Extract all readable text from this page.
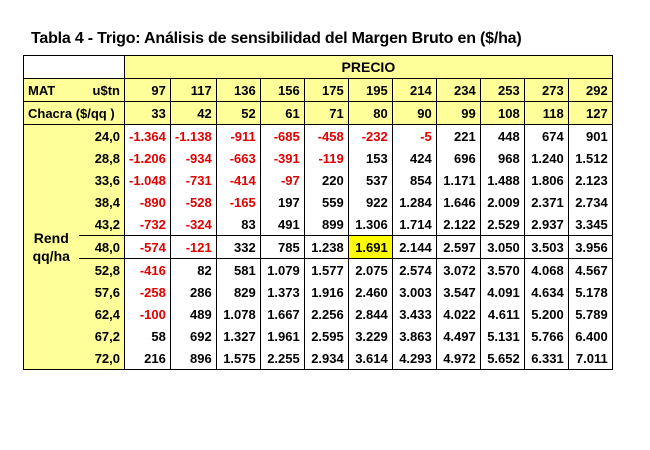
Tabla 4 - Trigo: Análisis de sensibilidad del Margen Bruto en ($/ha)
		PRECIO										
MAT	u$tn	97	117	136	156	175	195	214	234	253	273	292
Chacra ($/qq )		33	42	52	61	71	80	90	99	108	118	127

Rend
qq/ha	24,0	-1.364	-1.138	-911	-685	-458	-232	-5	221	448	674	901
	28,8	-1.206	-934	-663	-391	-119	153	424	696	968	1.240	1.512
	33,6	-1.048	-731	-414	-97	220	537	854	1.171	1.488	1.806	2.123
	38,4	-890	-528	-165	197	559	922	1.284	1.646	2.009	2.371	2.734
	43,2	-732	-324	83	491	899	1.306	1.714	2.122	2.529	2.937	3.345
	48,0	-574	-121	332	785	1.238	1.691	2.144	2.597	3.050	3.503	3.956
	52,8	-416	82	581	1.079	1.577	2.075	2.574	3.072	3.570	4.068	4.567
	57,6	-258	286	829	1.373	1.916	2.460	3.003	3.547	4.091	4.634	5.178
	62,4	-100	489	1.078	1.667	2.256	2.844	3.433	4.022	4.611	5.200	5.789
	67,2	58	692	1.327	1.961	2.595	3.229	3.863	4.497	5.131	5.766	6.400
	72,0	216	896	1.575	2.255	2.934	3.614	4.293	4.972	5.652	6.331	7.011
